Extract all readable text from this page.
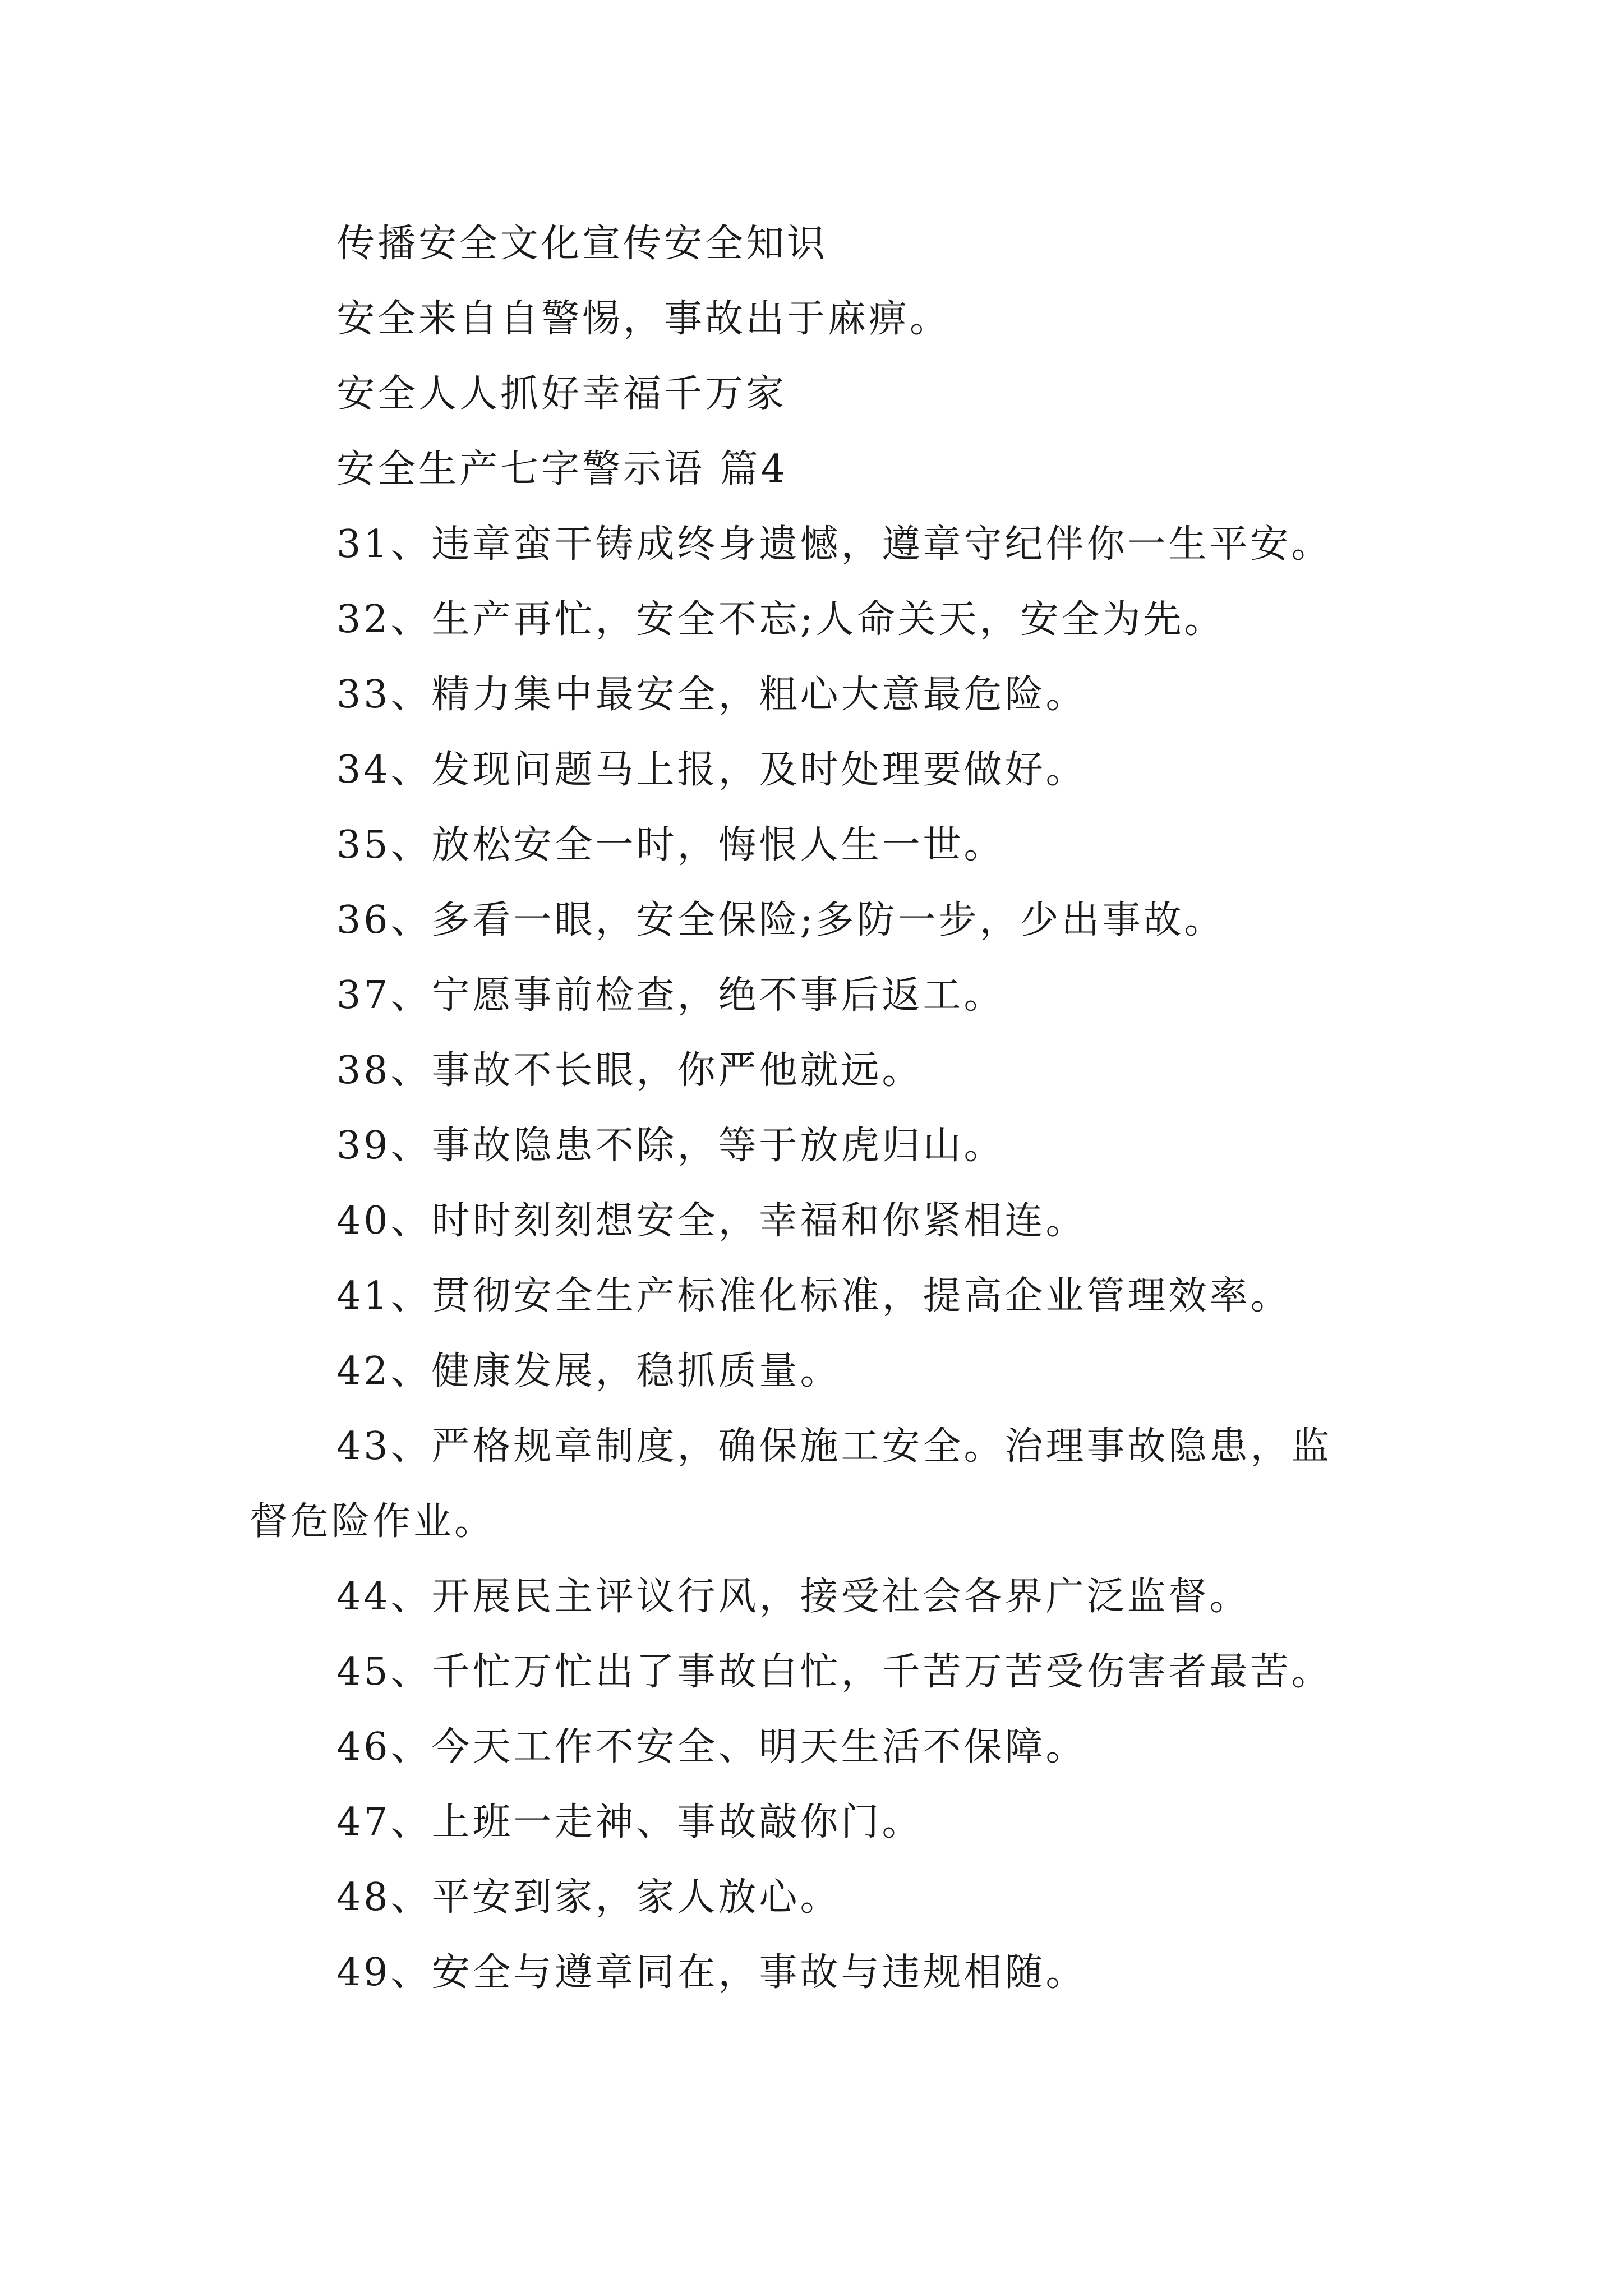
传播安全文化宣传安全知识
安全来自自警惕，事故出于麻痹。
安全人人抓好幸福千万家
安全生产七字警示语 篇4
31、违章蛮干铸成终身遗憾，遵章守纪伴你一生平安。
32、生产再忙，安全不忘;人命关天，安全为先。
33、精力集中最安全，粗心大意最危险。
34、发现问题马上报，及时处理要做好。
35、放松安全一时，悔恨人生一世。
36、多看一眼，安全保险;多防一步，少出事故。
37、宁愿事前检查，绝不事后返工。
38、事故不长眼，你严他就远。
39、事故隐患不除，等于放虎归山。
40、时时刻刻想安全，幸福和你紧相连。
41、贯彻安全生产标准化标准，提高企业管理效率。
42、健康发展，稳抓质量。
43、严格规章制度，确保施工安全。治理事故隐患，监
督危险作业。
44、开展民主评议行风，接受社会各界广泛监督。
45、千忙万忙出了事故白忙，千苦万苦受伤害者最苦。
46、今天工作不安全、明天生活不保障。
47、上班一走神、事故敲你门。
48、平安到家，家人放心。
49、安全与遵章同在，事故与违规相随。
